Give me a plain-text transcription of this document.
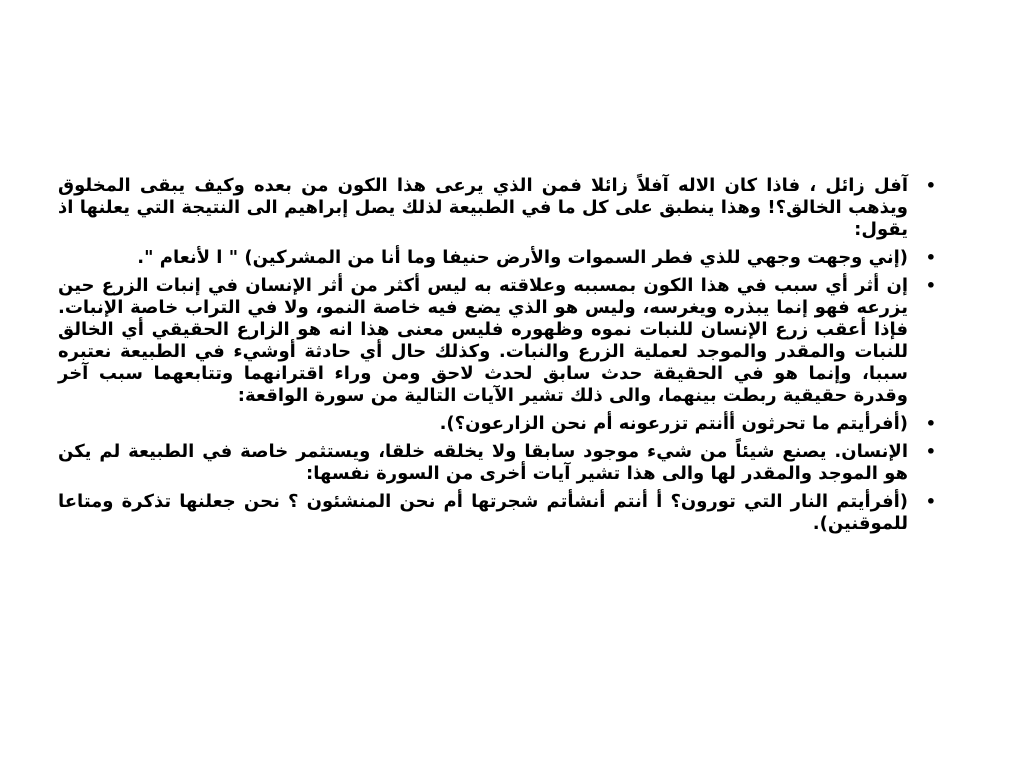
•
آفل زائل ، فاذا كان الاله آفلاً زائلا فمن الذي يرعى هذا الكون من بعده وكيف يبقى المخلوق ويذهب الخالق؟! وهذا ينطبق على كل ما في الطبيعة لذلك يصل إبراهيم الى النتيجة التي يعلنها اذ يقول:
•
(إني وجهت وجهي للذي فطر السموات والأرض حنيفا وما أنا من المشركين) " ا لأنعام ".
•
إن أثر أي سبب في هذا الكون بمسببه وعلاقته به ليس أكثر من أثر الإنسان في إنبات الزرع حين يزرعه فهو إنما يبذره ويغرسه، وليس هو الذي يضع فيه خاصة النمو، ولا في التراب خاصة الإنبات. فإذا أعقب زرع الإنسان للنبات نموه وظهوره فليس معنى هذا انه هو الزارع الحقيقي أي الخالق للنبات والمقدر والموجد لعملية الزرع والنبات. وكذلك حال أي حادثة أوشيء في الطبيعة نعتبره سببا، وإنما هو في الحقيقة حدث سابق لحدث لاحق ومن وراء اقترانهما وتتابعهما سبب آخر وقدرة حقيقية ربطت بينهما، والى ذلك تشير الآيات التالية من سورة الواقعة:
•
(أفرأيتم ما تحرثون أأنتم تزرعونه أم نحن الزارعون؟).
•
الإنسان. يصنع شيئاً من شيء موجود سابقا ولا يخلقه خلقا، ويستثمر خاصة في الطبيعة لم يكن هو الموجد والمقدر لها والى هذا تشير آيات أخرى من السورة نفسها:
•
(أفرأيتم النار التي تورون؟ أ أنتم أنشأتم شجرتها أم نحن المنشئون ؟ نحن جعلنها تذكرة ومتاعا للموقنين).
